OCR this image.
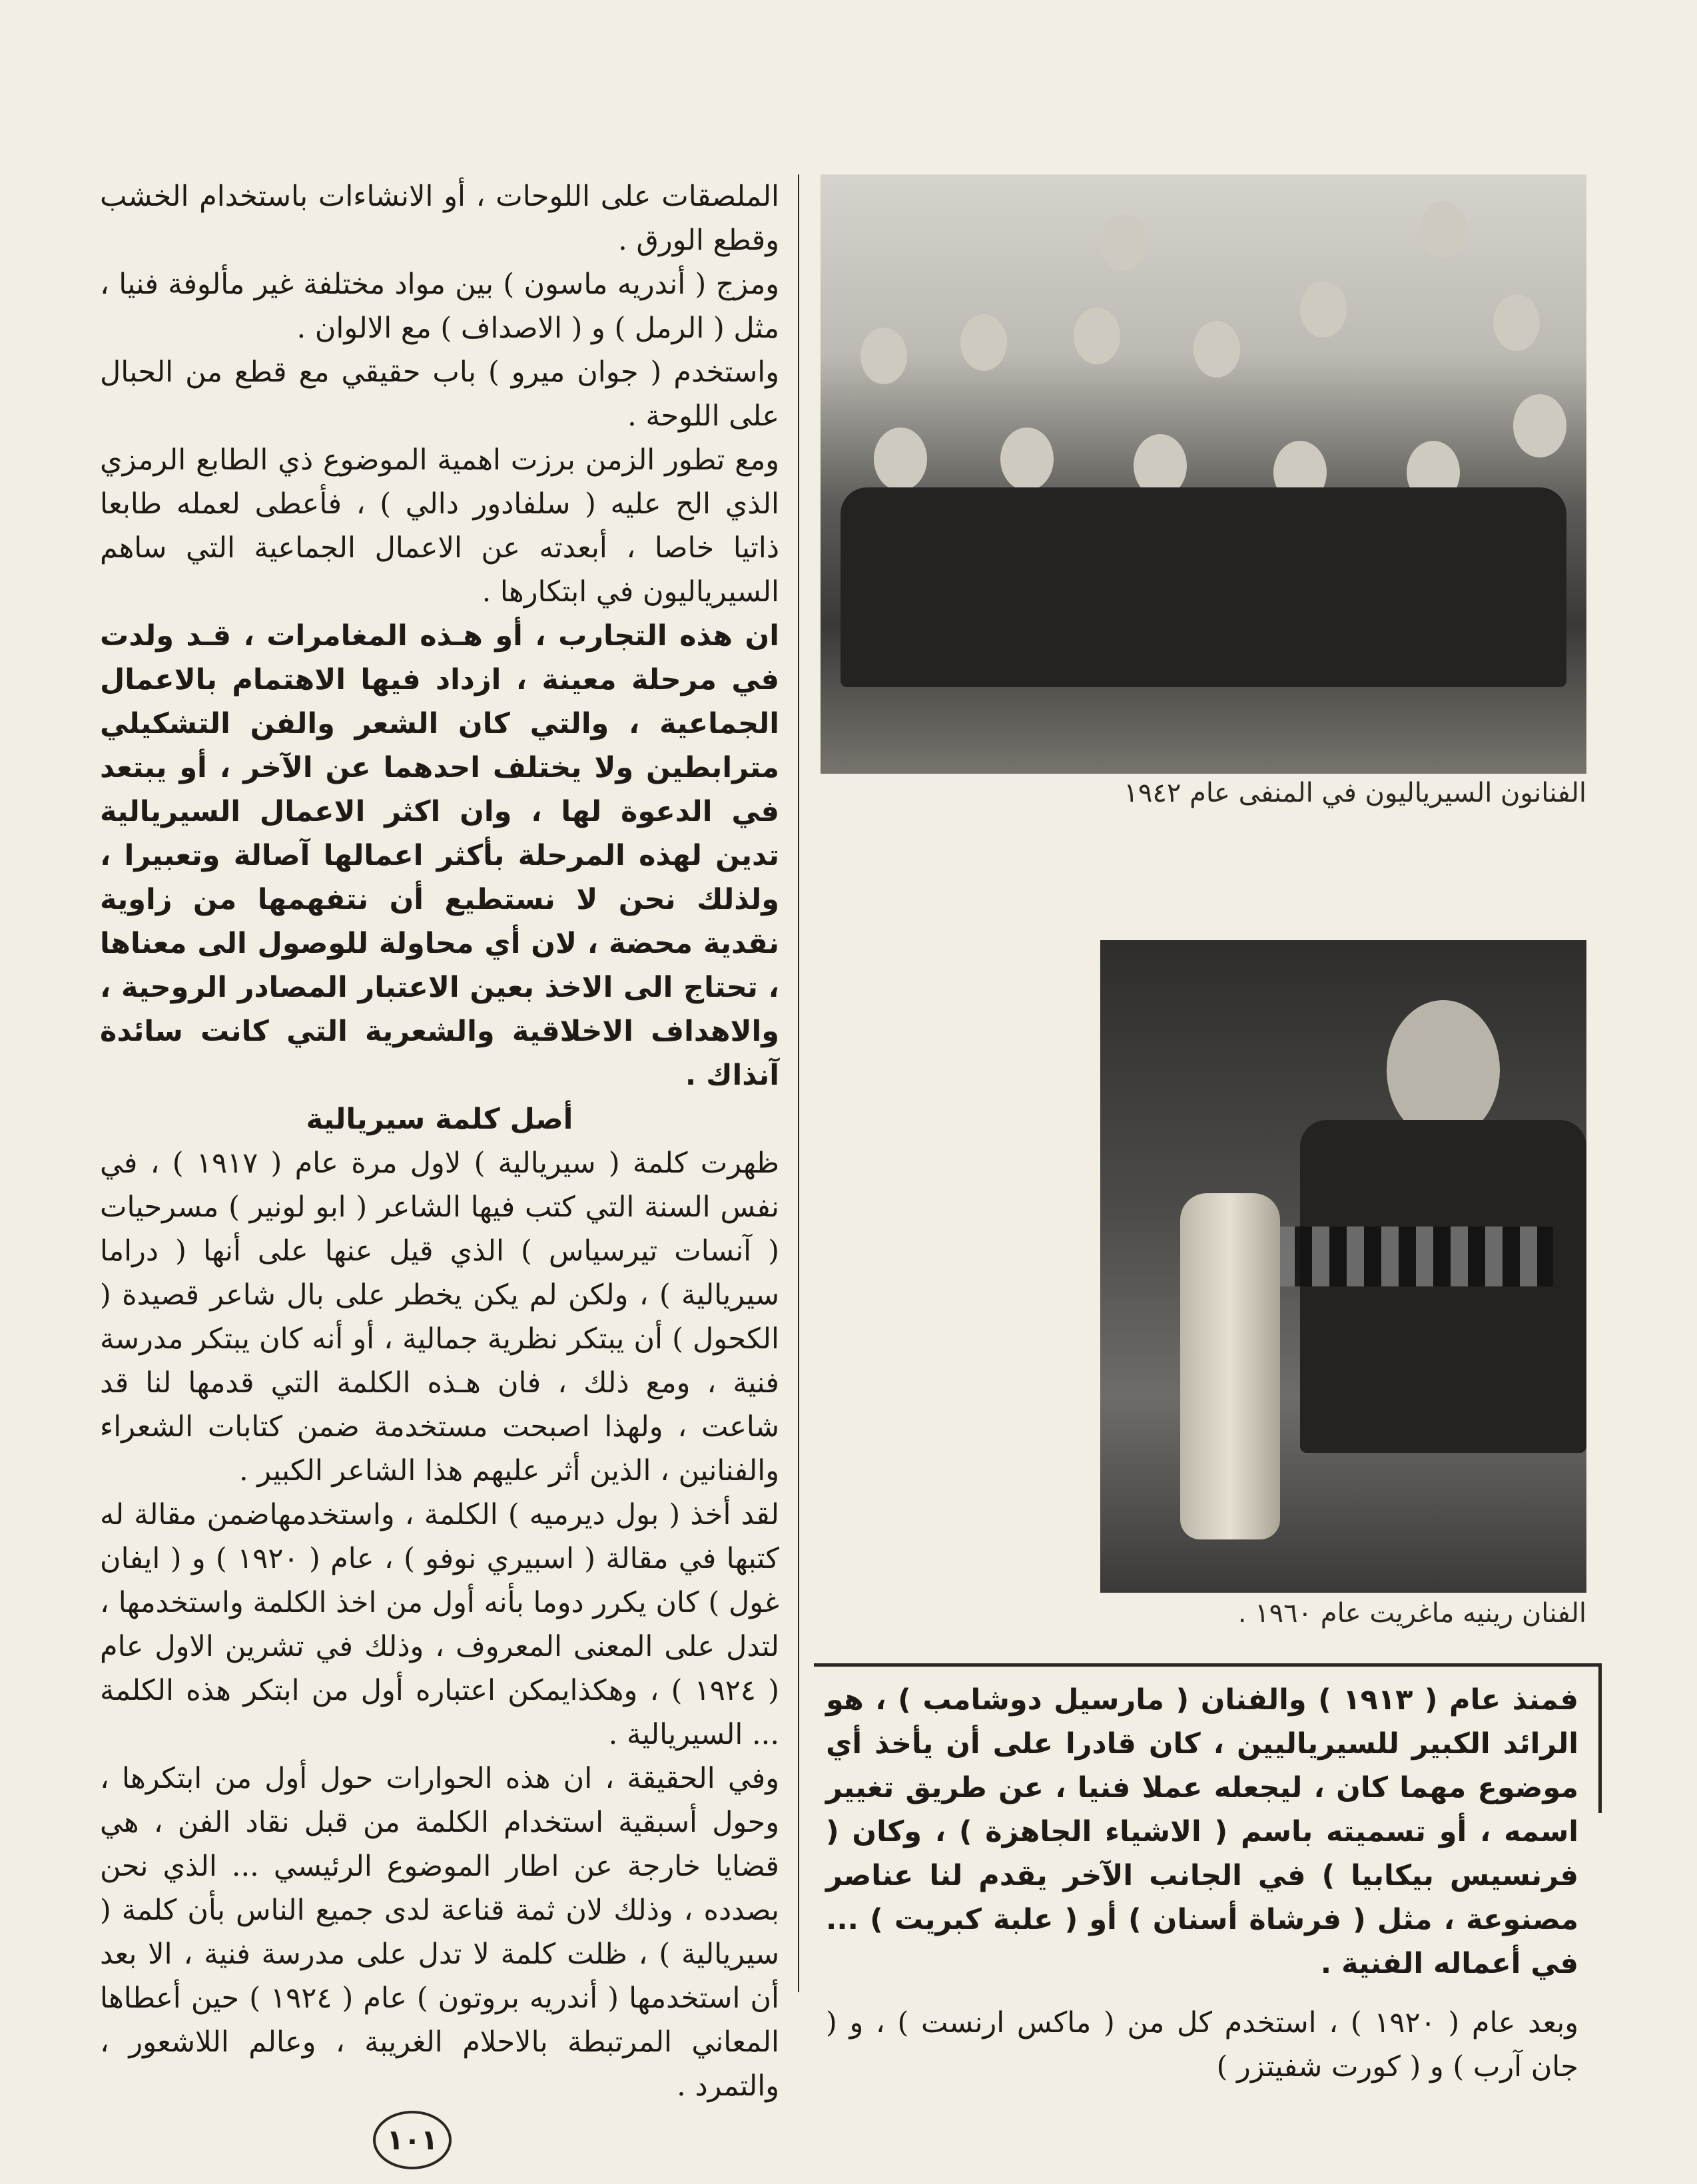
الملصقات على اللوحات ، أو الانشاءات باستخدام الخشب وقطع الورق .

ومزج ( أندريه ماسون ) بين مواد مختلفة غير مألوفة فنيا ، مثل ( الرمل ) و ( الاصداف ) مع الالوان .

واستخدم ( جوان ميرو ) باب حقيقي مع قطع من الحبال على اللوحة .

ومع تطور الزمن برزت اهمية الموضوع ذي الطابع الرمزي الذي الح عليه ( سلفادور دالي ) ، فأعطى لعمله طابعا ذاتيا خاصا ، أبعدته عن الاعمال الجماعية التي ساهم السيرياليون في ابتكارها .

ان هذه التجارب ، أو هـذه المغامرات ، قـد ولدت في مرحلة معينة ، ازداد فيها الاهتمام بالاعمال الجماعية ، والتي كان الشعر والفن التشكيلي مترابطين ولا يختلف احدهما عن الآخر ، أو يبتعد في الدعوة لها ، وان اكثر الاعمال السيريالية تدين لهذه المرحلة بأكثر اعمالها آصالة وتعبيرا ، ولذلك نحن لا نستطيع أن نتفهمها من زاوية نقدية محضة ، لان أي محاولة للوصول الى معناها ، تحتاج الى الاخذ بعين الاعتبار المصادر الروحية ، والاهداف الاخلاقية والشعرية التي كانت سائدة آنذاك .

أصل كلمة سيريالية

ظهرت كلمة ( سيريالية ) لاول مرة عام ( ١٩١٧ ) ، في نفس السنة التي كتب فيها الشاعر ( ابو لونير ) مسرحيات ( آنسات تيرسياس ) الذي قيل عنها على أنها ( دراما سيريالية ) ، ولكن لم يكن يخطر على بال شاعر قصيدة ( الكحول ) أن يبتكر نظرية جمالية ، أو أنه كان يبتكر مدرسة فنية ، ومع ذلك ، فان هـذه الكلمة التي قدمها لنا قد شاعت ، ولهذا اصبحت مستخدمة ضمن كتابات الشعراء والفنانين ، الذين أثر عليهم هذا الشاعر الكبير .

لقد أخذ ( بول ديرميه ) الكلمة ، واستخدمهاضمن مقالة له كتبها في مقالة ( اسبيري نوفو ) ، عام ( ١٩٢٠ ) و ( ايفان غول ) كان يكرر دوما بأنه أول من اخذ الكلمة واستخدمها ، لتدل على المعنى المعروف ، وذلك في تشرين الاول عام ( ١٩٢٤ ) ، وهكذايمكن اعتباره أول من ابتكر هذه الكلمة ... السيريالية .

وفي الحقيقة ، ان هذه الحوارات حول أول من ابتكرها ، وحول أسبقية استخدام الكلمة من قبل نقاد الفن ، هي قضايا خارجة عن اطار الموضوع الرئيسي ... الذي نحن بصدده ، وذلك لان ثمة قناعة لدى جميع الناس بأن كلمة ( سيريالية ) ، ظلت كلمة لا تدل على مدرسة فنية ، الا بعد أن استخدمها ( أندريه بروتون ) عام ( ١٩٢٤ ) حين أعطاها المعاني المرتبطة بالاحلام الغريبة ، وعالم اللاشعور ، والتمرد .

الفنانون السيرياليون في المنفى عام ١٩٤٢
الفنان رينيه ماغريت عام ١٩٦٠ .
فمنذ عام ( ١٩١٣ ) والفنان ( مارسيل دوشامب ) ، هو الرائد الكبير للسيرياليين ، كان قادرا على أن يأخذ أي موضوع مهما كان ، ليجعله عملا فنيا ، عن طريق تغيير اسمه ، أو تسميته باسم ( الاشياء الجاهزة ) ، وكان ( فرنسيس بيكابيا ) في الجانب الآخر يقدم لنا عناصر مصنوعة ، مثل ( فرشاة أسنان ) أو ( علبة كبريت ) ... في أعماله الفنية .
وبعد عام ( ١٩٢٠ ) ، استخدم كل من ( ماكس ارنست ) ، و ( جان آرب ) و ( كورت شفيتزر )
١٠١
